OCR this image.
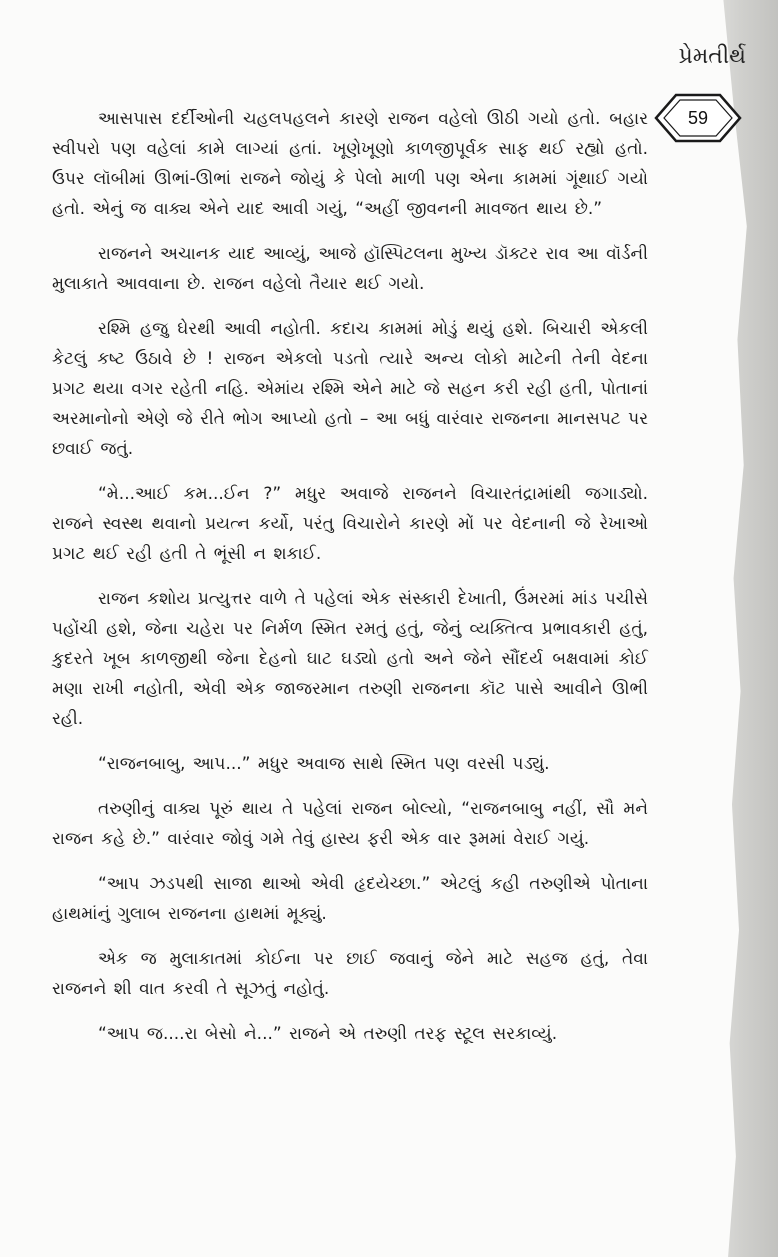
પ્રેમતીર્થ
59

આસપાસ દર્દીઓની ચહલપહલને કારણે રાજન વહેલો ઊઠી ગયો હતો. બહાર સ્વીપરો પણ વહેલાં કામે લાગ્યાં હતાં. ખૂણેખૂણો કાળજીપૂર્વક સાફ થઈ રહ્યો હતો. ઉપર લૉબીમાં ઊભાં-ઊભાં રાજને જોયું કે પેલો માળી પણ એના કામમાં ગૂંથાઈ ગયો હતો. એનું જ વાક્ય એને યાદ આવી ગયું, “અહીં જીવનની માવજત થાય છે.”

રાજનને અચાનક યાદ આવ્યું, આજે હૉસ્પિટલના મુખ્ય ડૉક્ટર રાવ આ વૉર્ડની મુલાકાતે આવવાના છે. રાજન વહેલો તૈયાર થઈ ગયો.

રશ્મિ હજુ ઘેરથી આવી નહોતી. કદાચ કામમાં મોડું થયું હશે. બિચારી એકલી કેટલું કષ્ટ ઉઠાવે છે ! રાજન એકલો પડતો ત્યારે અન્ય લોકો માટેની તેની વેદના પ્રગટ થયા વગર રહેતી નહિ. એમાંય રશ્મિ એને માટે જે સહન કરી રહી હતી, પોતાનાં અરમાનોનો એણે જે રીતે ભોગ આપ્યો હતો – આ બધું વારંવાર રાજનના માનસપટ પર છવાઈ જતું.

“મે...આઈ કમ...ઈન ?” મધુર અવાજે રાજનને વિચારતંદ્રામાંથી જગાડ્યો. રાજને સ્વસ્થ થવાનો પ્રયત્ન કર્યો, પરંતુ વિચારોને કારણે મોં પર વેદનાની જે રેખાઓ પ્રગટ થઈ રહી હતી તે ભૂંસી ન શકાઈ.

રાજન કશોય પ્રત્યુત્તર વાળે તે પહેલાં એક સંસ્કારી દેખાતી, ઉંમરમાં માંડ પચીસે પહોંચી હશે, જેના ચહેરા પર નિર્મળ સ્મિત રમતું હતું, જેનું વ્યક્તિત્વ પ્રભાવકારી હતું, કુદરતે ખૂબ કાળજીથી જેના દેહનો ઘાટ ઘડ્યો હતો અને જેને સૌંદર્ય બક્ષવામાં કોઈ મણા રાખી નહોતી, એવી એક જાજરમાન તરુણી રાજનના કૉટ પાસે આવીને ઊભી રહી.

“રાજનબાબુ, આપ...” મધુર અવાજ સાથે સ્મિત પણ વરસી પડ્યું.

તરુણીનું વાક્ય પૂરું થાય તે પહેલાં રાજન બોલ્યો, “રાજનબાબુ નહીં, સૌ મને રાજન કહે છે.” વારંવાર જોવું ગમે તેવું હાસ્ય ફરી એક વાર રૂમમાં વેરાઈ ગયું.

“આપ ઝડપથી સાજા થાઓ એવી હૃદયેચ્છા.” એટલું કહી તરુણીએ પોતાના હાથમાંનું ગુલાબ રાજનના હાથમાં મૂક્યું.

એક જ મુલાકાતમાં કોઈના પર છાઈ જવાનું જેને માટે સહજ હતું, તેવા રાજનને શી વાત કરવી તે સૂઝતું નહોતું.

“આપ જ....રા બેસો ને...” રાજને એ તરુણી તરફ સ્ટૂલ સરકાવ્યું.
